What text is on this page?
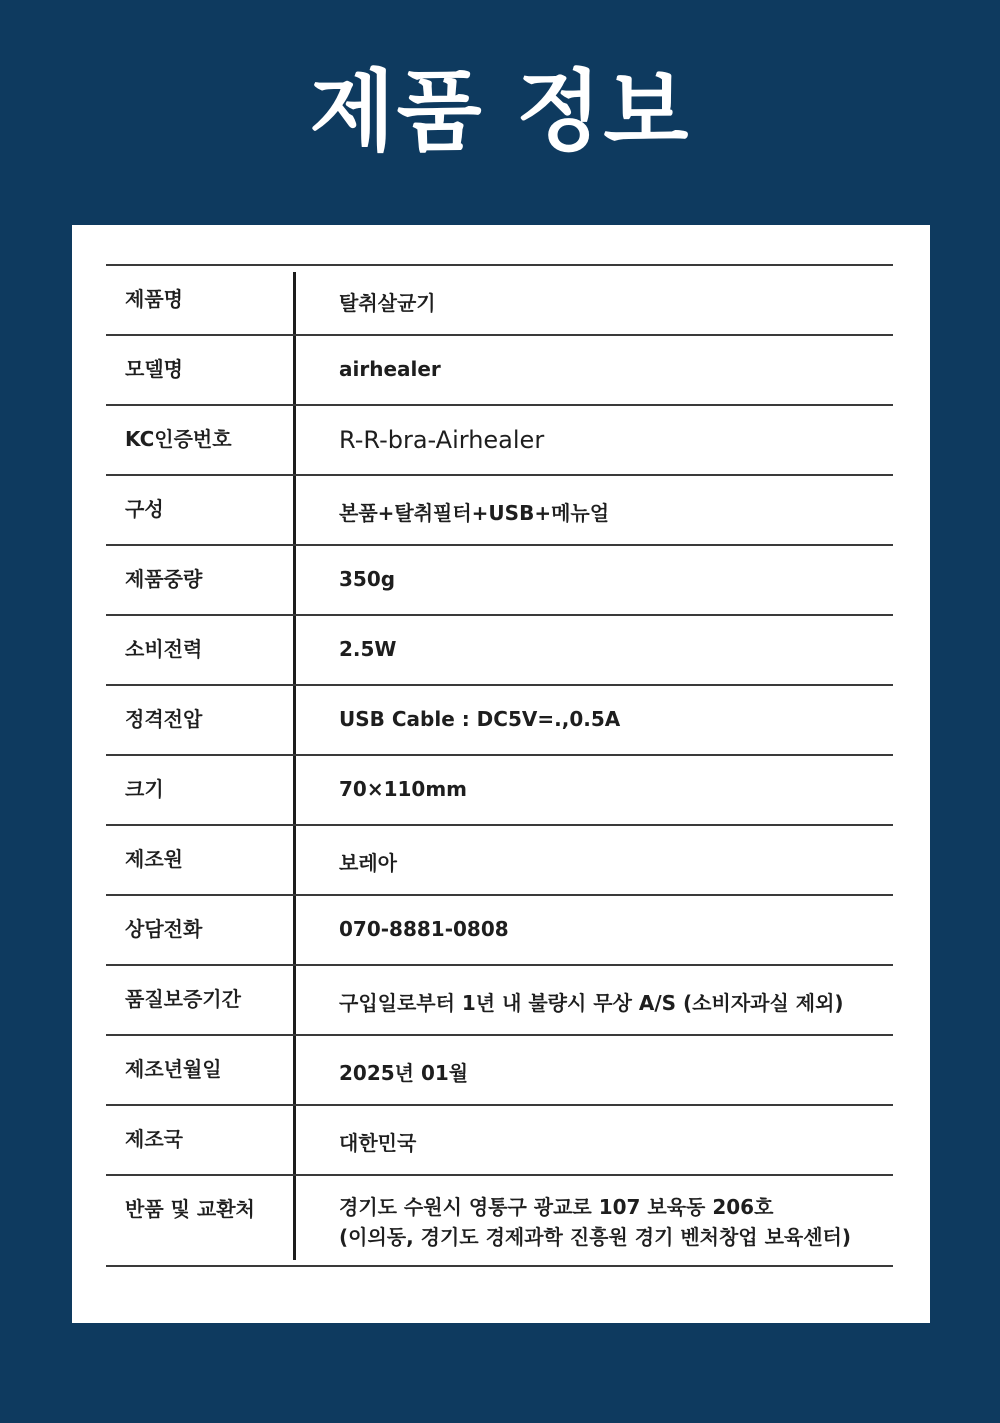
제품 정보
제품명	탈취살균기
모델명	airhealer
KC인증번호	R-R-bra-Airhealer
구성	본품+탈취필터+USB+메뉴얼
제품중량	350g
소비전력	2.5W
정격전압	USB Cable : DC5V=.,0.5A
크기	70×110mm
제조원	보레아
상담전화	070-8881-0808
품질보증기간	구입일로부터 1년 내 불량시 무상 A/S (소비자과실 제외)
제조년월일	2025년 01월
제조국	대한민국
반품 및 교환처	경기도 수원시 영통구 광교로 107 보육동 206호
(이의동, 경기도 경제과학 진흥원 경기 벤처창업 보육센터)
